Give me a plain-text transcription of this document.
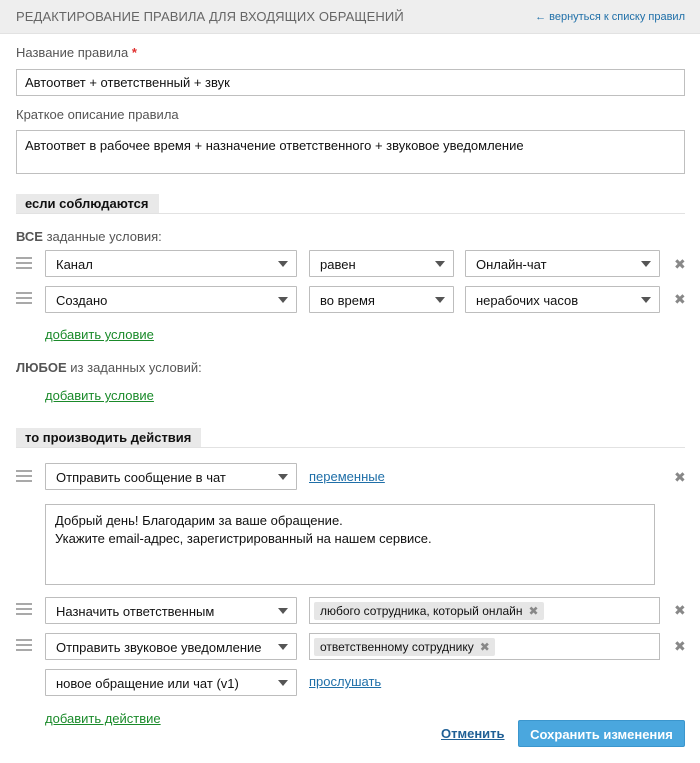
РЕДАКТИРОВАНИЕ ПРАВИЛА ДЛЯ ВХОДЯЩИХ ОБРАЩЕНИЙ	← вернуться к списку правил
Название правила *
Автоответ + ответственный + звук
Краткое описание правила
Автоответ в рабочее время + назначение ответственного + звуковое уведомление
если соблюдаются
ВСЕ заданные условия:
Канал	равен	Онлайн-чат	✖
Создано	во время	нерабочих часов	✖
добавить условие
ЛЮБОЕ из заданных условий:
добавить условие
то производить действия
Отправить сообщение в чат	переменные	✖
Добрый день! Благодарим за ваше обращение.
Укажите email-адрес, зарегистрированный на нашем сервисе.
Назначить ответственным	любого сотрудника, который онлайн ✖	✖
Отправить звуковое уведомление	ответственному сотруднику ✖	✖
новое обращение или чат (v1)	прослушать
добавить действие
Отменить	Сохранить изменения
